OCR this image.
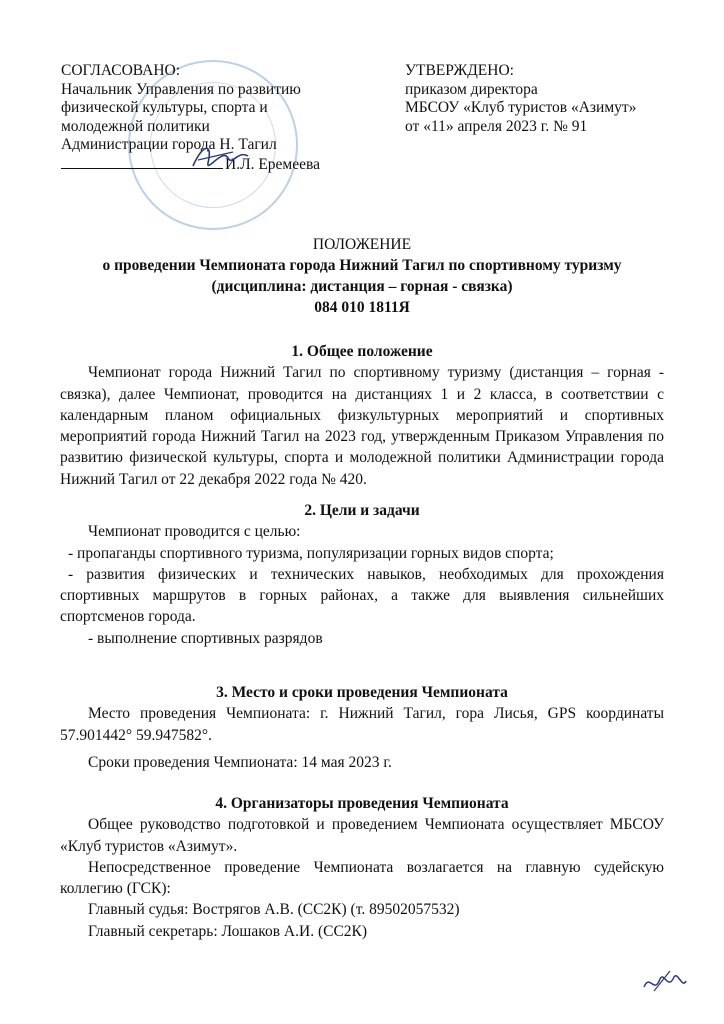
СОГЛАСОВАНО:
Начальник Управления по развитию
физической культуры, спорта и
молодежной политики
Администрации города Н. Тагил
И.Л. Еремеева
УТВЕРЖДЕНО:
приказом директора
МБСОУ «Клуб туристов «Азимут»
от «11» апреля 2023 г. № 91
ПОЛОЖЕНИЕ
о проведении Чемпионата города Нижний Тагил по спортивному туризму
(дисциплина: дистанция – горная - связка)
084 010 1811Я
1. Общее положение
Чемпионат города Нижний Тагил по спортивному туризму (дистанция – горная - связка), далее Чемпионат, проводится на дистанциях 1 и 2 класса, в соответствии с календарным планом официальных физкультурных мероприятий и спортивных мероприятий города Нижний Тагил на 2023 год, утвержденным Приказом Управления по развитию физической культуры, спорта и молодежной политики Администрации города Нижний Тагил от 22 декабря 2022 года № 420.
2. Цели и задачи
Чемпионат проводится с целью:
- пропаганды спортивного туризма, популяризации горных видов спорта;
- развития физических и технических навыков, необходимых для прохождения спортивных маршрутов в горных районах, а также для выявления сильнейших спортсменов города.
- выполнение спортивных разрядов
3. Место и сроки проведения Чемпионата
Место проведения Чемпионата: г. Нижний Тагил, гора Лисья, GPS координаты 57.901442° 59.947582°.
Сроки проведения Чемпионата: 14 мая 2023 г.
4. Организаторы проведения Чемпионата
Общее руководство подготовкой и проведением Чемпионата осуществляет МБСОУ «Клуб туристов «Азимут».
Непосредственное проведение Чемпионата возлагается на главную судейскую коллегию (ГСК):
Главный судья: Вострягов А.В. (СС2К) (т. 89502057532)
Главный секретарь: Лошаков А.И. (СС2К)
